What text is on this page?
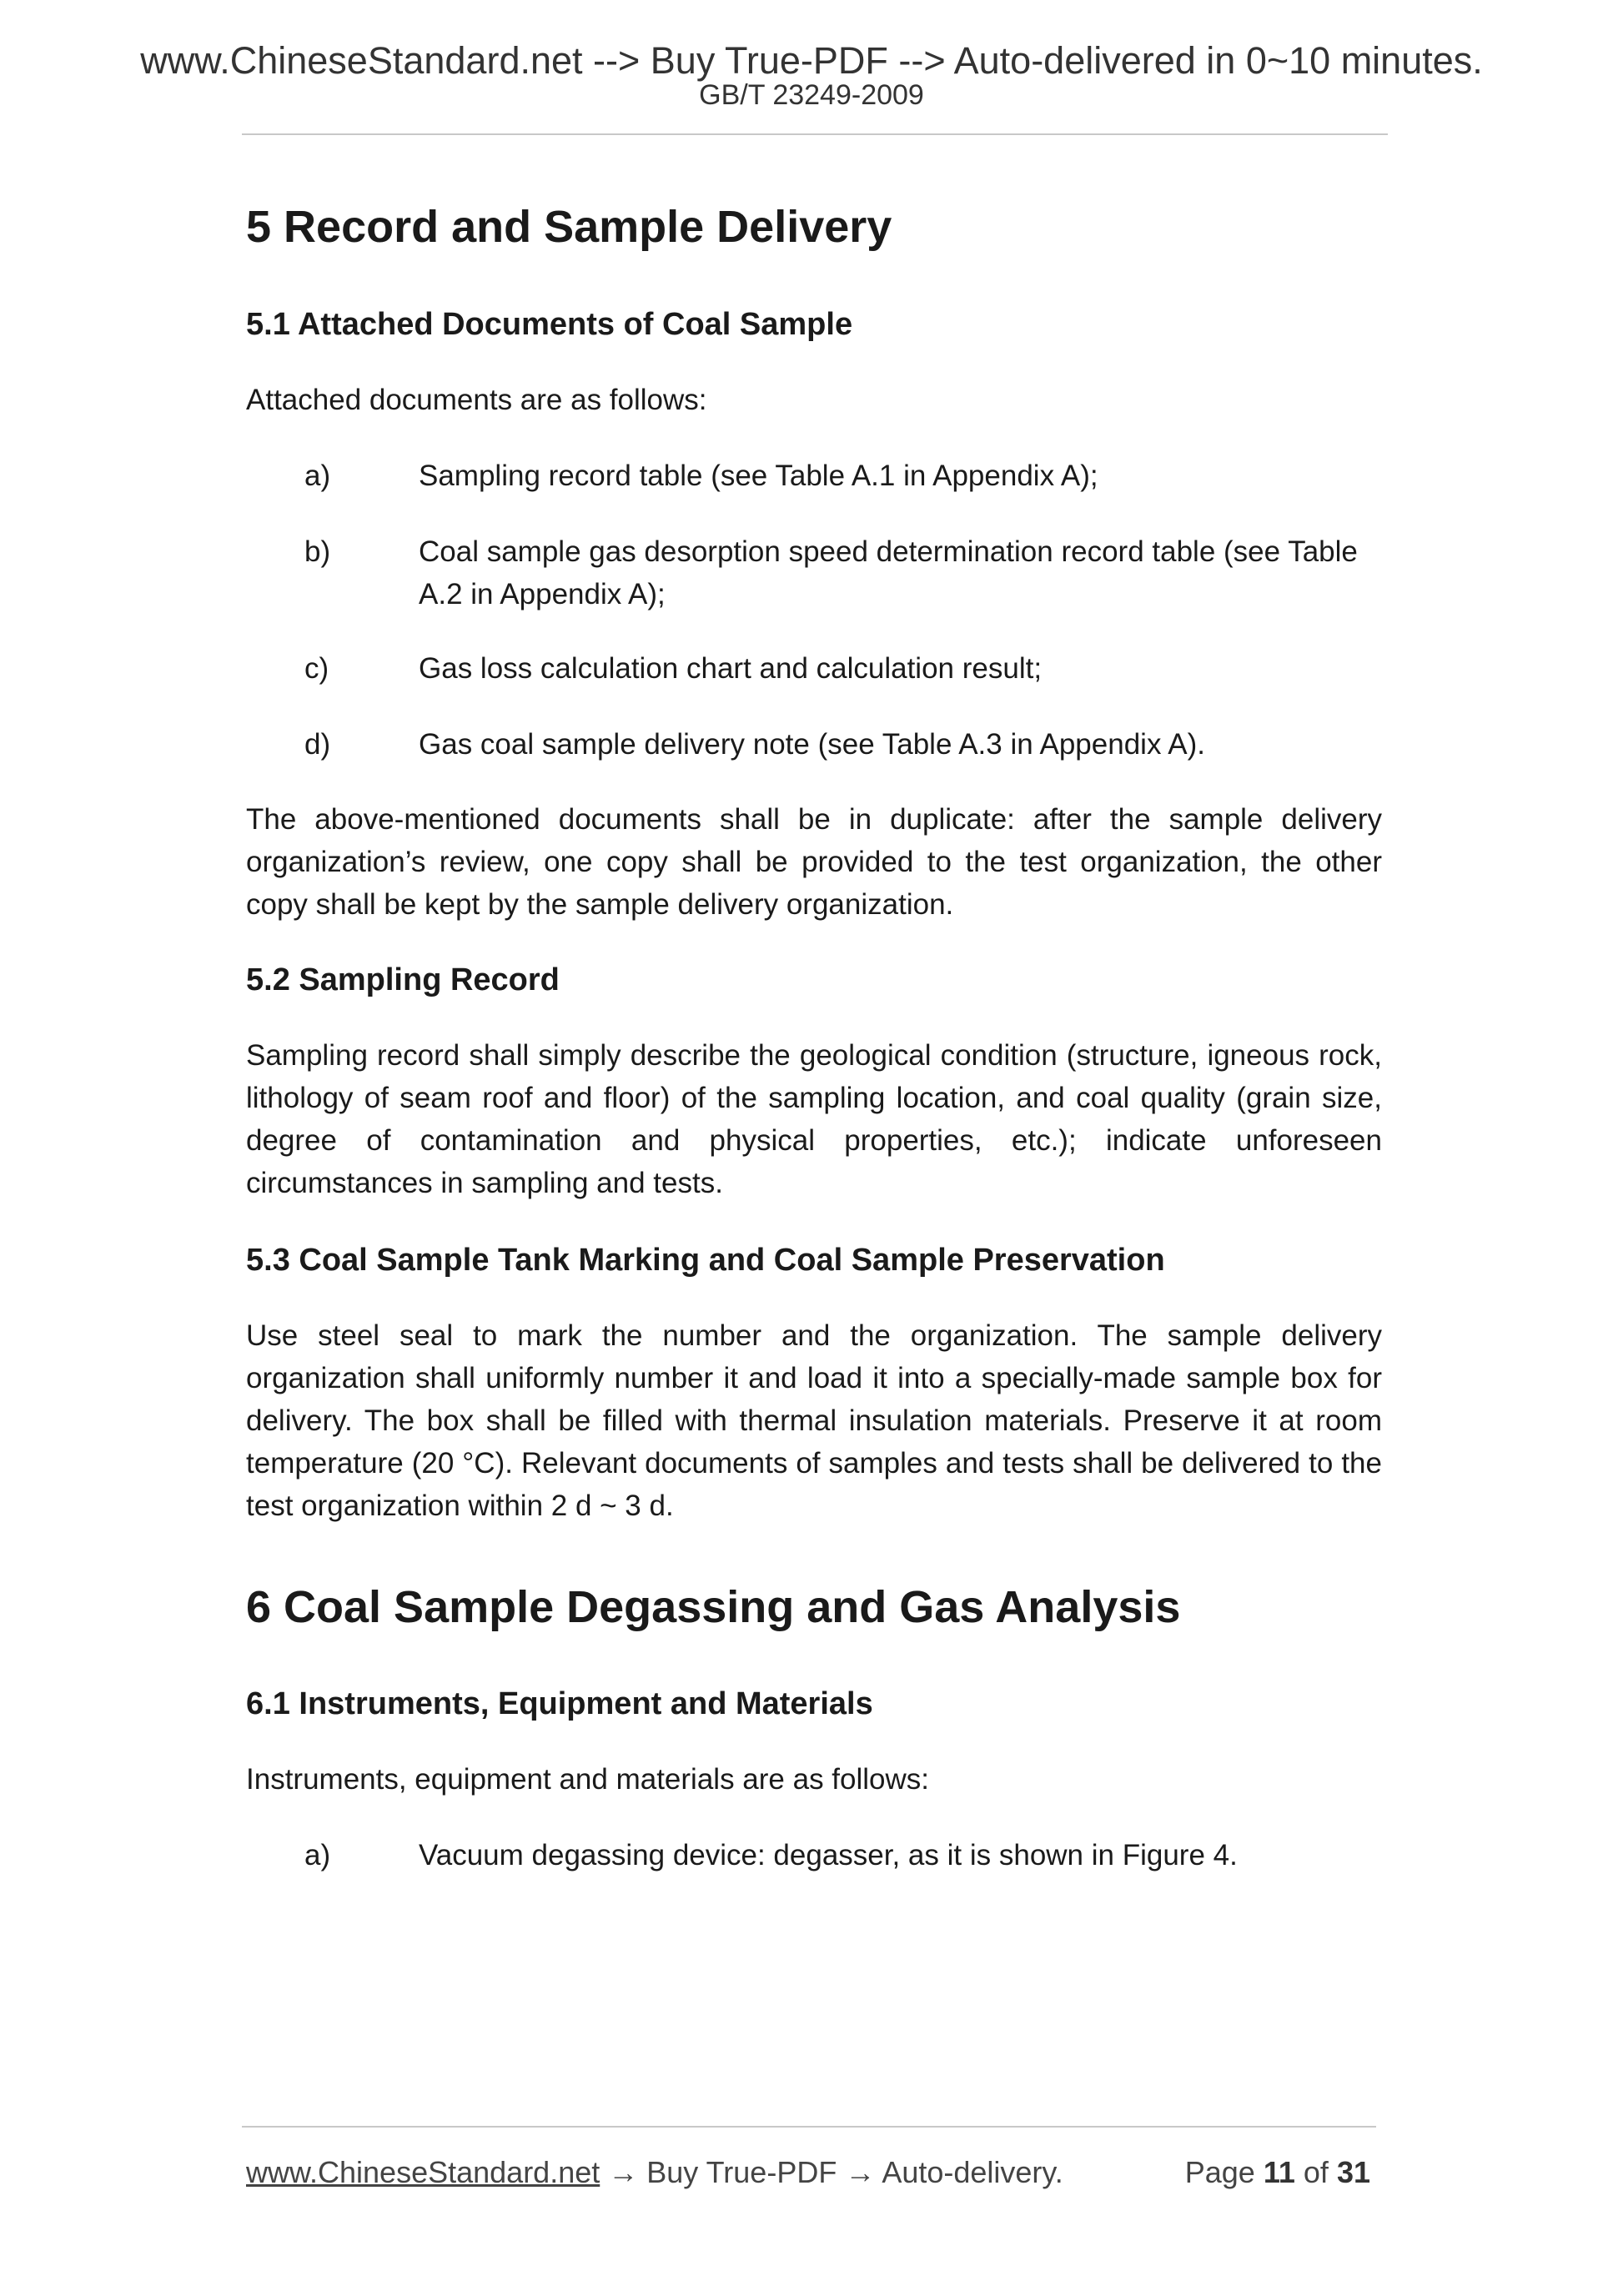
www.ChineseStandard.net --> Buy True-PDF --> Auto-delivered in 0~10 minutes.
GB/T 23249-2009
5 Record and Sample Delivery
5.1 Attached Documents of Coal Sample
Attached documents are as follows:
a)	Sampling record table (see Table A.1 in Appendix A);
b)	Coal sample gas desorption speed determination record table (see Table A.2 in Appendix A);
c)	Gas loss calculation chart and calculation result;
d)	Gas coal sample delivery note (see Table A.3 in Appendix A).
The above-mentioned documents shall be in duplicate: after the sample delivery organization’s review, one copy shall be provided to the test organization, the other copy shall be kept by the sample delivery organization.
5.2 Sampling Record
Sampling record shall simply describe the geological condition (structure, igneous rock, lithology of seam roof and floor) of the sampling location, and coal quality (grain size, degree of contamination and physical properties, etc.); indicate unforeseen circumstances in sampling and tests.
5.3 Coal Sample Tank Marking and Coal Sample Preservation
Use steel seal to mark the number and the organization. The sample delivery organization shall uniformly number it and load it into a specially-made sample box for delivery. The box shall be filled with thermal insulation materials. Preserve it at room temperature (20 °C). Relevant documents of samples and tests shall be delivered to the test organization within 2 d ~ 3 d.
6 Coal Sample Degassing and Gas Analysis
6.1 Instruments, Equipment and Materials
Instruments, equipment and materials are as follows:
a)	Vacuum degassing device: degasser, as it is shown in Figure 4.
www.ChineseStandard.net → Buy True-PDF → Auto-delivery.	Page 11 of 31
